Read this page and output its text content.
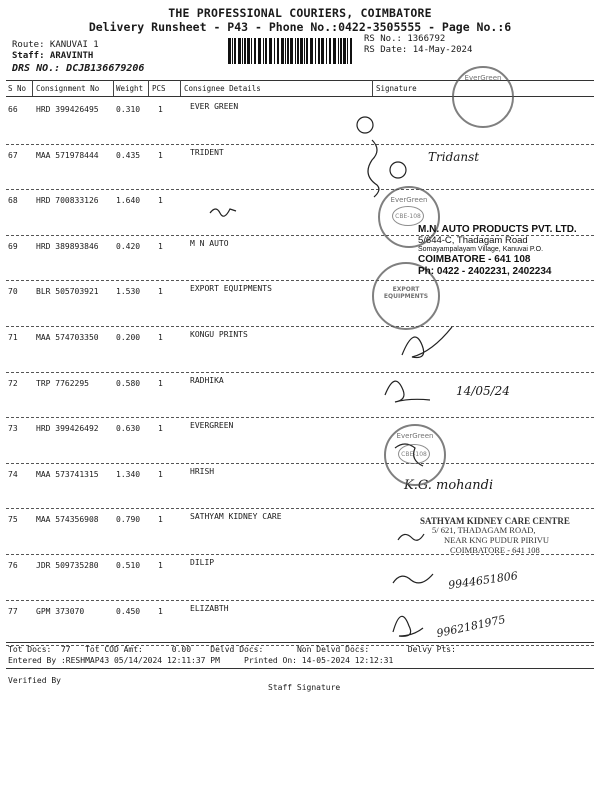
THE PROFESSIONAL COURIERS, COIMBATORE
Delivery Runsheet - P43 - Phone No.:0422-3505555 - Page No.:6
Route: KANUVAI 1
Staff: ARAVINTH
DRS NO.: DCJB136679206
RS No.: 1366792
RS Date: 14-May-2024
S No Consignment No Weight PCS Consignee Details	Signature
66 HRD 399426495 0.310 1	EVER GREEN
67 MAA 571978444 0.435 1	TRIDENT
68 HRD 700833126 1.640 1
69 HRD 389893846 0.420 1	M N AUTO
70 BLR 505703921 1.530 1	EXPORT EQUIPMENTS
71 MAA 574703350 0.200 1	KONGU PRINTS
72 TRP 7762295	0.580 1	RADHIKA
73 HRD 399426492 0.630 1	EVERGREEN
74 MAA 573741315 1.340 1	HRISH
75 MAA 574356908 0.790 1	SATHYAM KIDNEY CARE
76 JDR 509735280 0.510 1	DILIP
77 GPM 373070	0.450 1	ELIZABTH
Tridanst
14/05/24
K.G. mohandi
9944651806
9962181975
EverGreen
EverGreen
CBE-108
EXPORT EQUIPMENTS
EverGreen
CBE-108
M.N. AUTO PRODUCTS PVT. LTD.
5/644-C, Thadagam Road
Somayampalayam Village, Kanuvai P.O.
COIMBATORE - 641 108
Ph: 0422 - 2402231, 2402234
SATHYAM KIDNEY CARE CENTRE
5/ 621, THADAGAM ROAD,
NEAR KNG PUDUR PIRIVU
COIMBATORE - 641 108
Tot Docs:  77   Tot COD Amt:      0.00    Delvd Docs:       Non Delvd Docs:        Delvy Pts:
Entered By :RESHMAP43 05/14/2024 12:11:37 PM     Printed On: 14-05-2024 12:12:31
Verified By
Staff Signature
